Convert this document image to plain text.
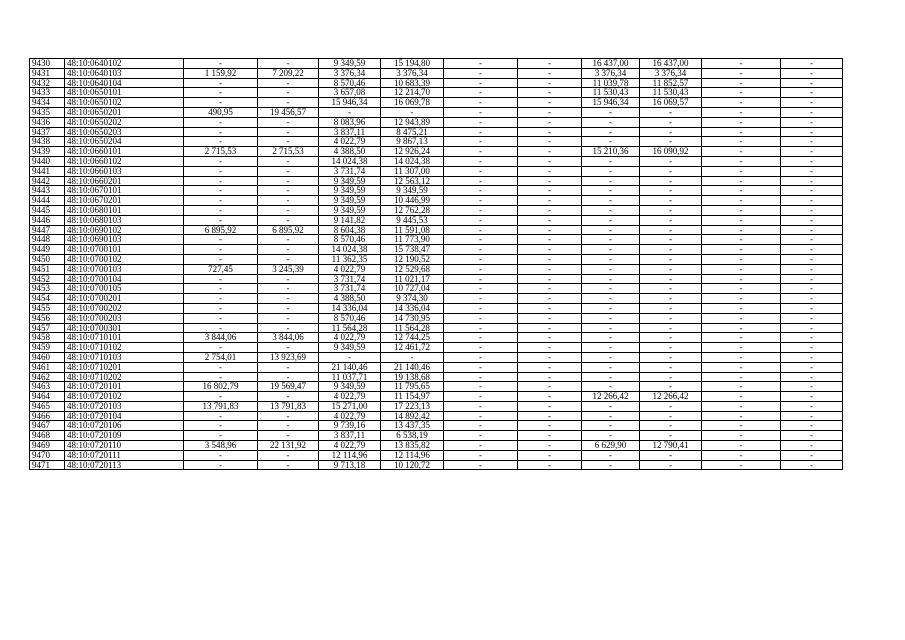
9430	48:10:0640102	-	-	9 349,59	15 194,80	-	-	16 437,00	16 437,00	-	-
9431	48:10:0640103	1 159,92	7 209,22	3 376,34	3 376,34	-	-	3 376,34	3 376,34	-	-
9432	48:10:0640104	-	-	8 570,46	10 683,39	-	-	11 039,78	11 852,57	-	-
9433	48:10:0650101	-	-	3 657,08	12 214,70	-	-	11 530,43	11 530,43	-	-
9434	48:10:0650102	-	-	15 946,34	16 069,78	-	-	15 946,34	16 069,57	-	-
9435	48:10:0650201	490,95	19 456,57	-	-	-	-	-	-	-	-
9436	48:10:0650202	-	-	8 083,96	12 943,89	-	-	-	-	-	-
9437	48:10:0650203	-	-	3 837,11	8 475,21	-	-	-	-	-	-
9438	48:10:0650204	-	-	4 022,79	9 867,13	-	-	-	-	-	-
9439	48:10:0660101	2 715,53	2 715,53	4 388,50	12 926,24	-	-	15 210,36	16 090,92	-	-
9440	48:10:0660102	-	-	14 024,38	14 024,38	-	-	-	-	-	-
9441	48:10:0660103	-	-	3 731,74	11 307,00	-	-	-	-	-	-
9442	48:10:0660201	-	-	9 349,59	12 563,12	-	-	-	-	-	-
9443	48:10:0670101	-	-	9 349,59	9 349,59	-	-	-	-	-	-
9444	48:10:0670201	-	-	9 349,59	10 446,99	-	-	-	-	-	-
9445	48:10:0680101	-	-	9 349,59	12 762,28	-	-	-	-	-	-
9446	48:10:0680103	-	-	9 141,82	9 445,53	-	-	-	-	-	-
9447	48:10:0690102	6 895,92	6 895,92	8 604,38	11 591,08	-	-	-	-	-	-
9448	48:10:0690103	-	-	8 570,46	11 773,90	-	-	-	-	-	-
9449	48:10:0700101	-	-	14 024,38	15 738,47	-	-	-	-	-	-
9450	48:10:0700102	-	-	11 362,35	12 190,52	-	-	-	-	-	-
9451	48:10:0700103	727,45	3 245,39	4 022,79	12 529,68	-	-	-	-	-	-
9452	48:10:0700104	-	-	3 731,74	11 021,17	-	-	-	-	-	-
9453	48:10:0700105	-	-	3 731,74	10 727,04	-	-	-	-	-	-
9454	48:10:0700201	-	-	4 388,50	9 374,30	-	-	-	-	-	-
9455	48:10:0700202	-	-	14 336,04	14 336,04	-	-	-	-	-	-
9456	48:10:0700203	-	-	8 570,46	14 730,95	-	-	-	-	-	-
9457	48:10:0700301	-	-	11 564,28	11 564,28	-	-	-	-	-	-
9458	48:10:0710101	3 844,06	3 844,06	4 022,79	12 744,25	-	-	-	-	-	-
9459	48:10:0710102	-	-	9 349,59	12 461,72	-	-	-	-	-	-
9460	48:10:0710103	2 754,01	13 923,69	-	-	-	-	-	-	-	-
9461	48:10:0710201	-	-	21 140,46	21 140,46	-	-	-	-	-	-
9462	48:10:0710202	-	-	11 037,71	19 138,68	-	-	-	-	-	-
9463	48:10:0720101	16 802,79	19 569,47	9 349,59	11 795,65	-	-	-	-	-	-
9464	48:10:0720102	-	-	4 022,79	11 154,97	-	-	12 266,42	12 266,42	-	-
9465	48:10:0720103	13 791,83	13 791,83	15 271,00	17 223,13	-	-	-	-	-	-
9466	48:10:0720104	-	-	4 022,79	14 892,42	-	-	-	-	-	-
9467	48:10:0720106	-	-	9 739,16	13 437,35	-	-	-	-	-	-
9468	48:10:0720109	-	-	3 837,11	6 538,19	-	-	-	-	-	-
9469	48:10:0720110	3 548,96	22 131,92	4 022,79	13 835,82	-	-	6 629,90	12 790,41	-	-
9470	48:10:0720111	-	-	12 114,96	12 114,96	-	-	-	-	-	-
9471	48:10:0720113	-	-	9 713,18	10 120,72	-	-	-	-	-	-
